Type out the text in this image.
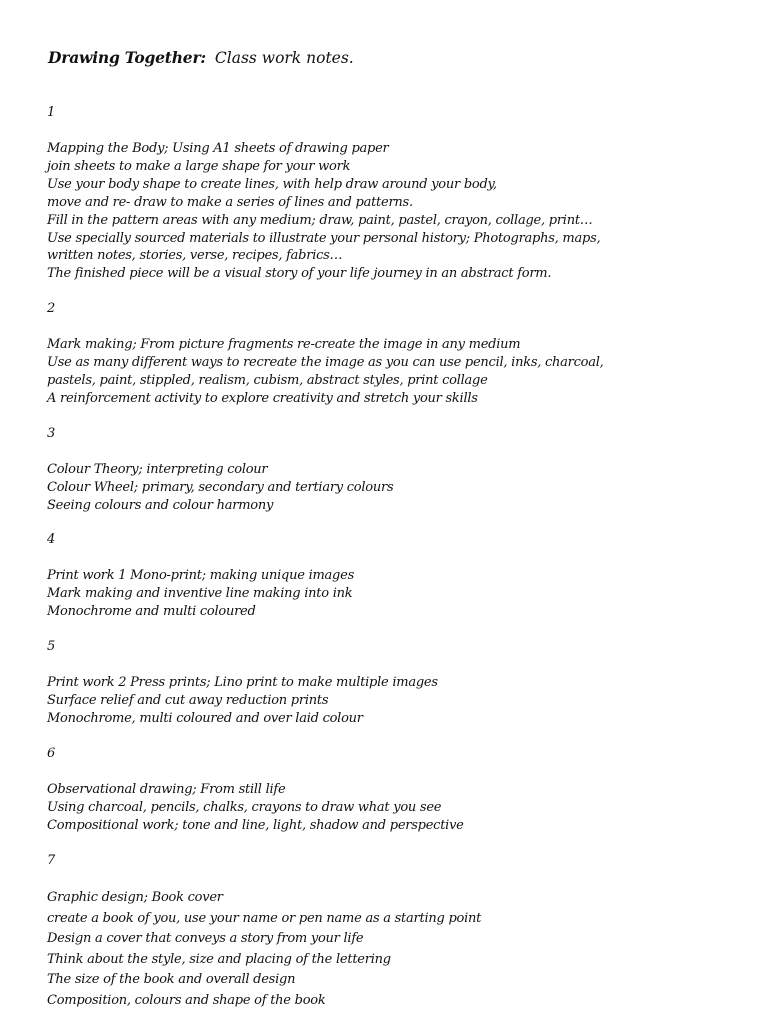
Drawing Together: Class work notes.
1
Mapping the Body; Using A1 sheets of drawing paper
join sheets to make a large shape for your work
Use your body shape to create lines, with help draw around your body,
move and re- draw to make a series of lines and patterns.
Fill in the pattern areas with any medium; draw, paint, pastel, crayon, collage, print…
Use specially sourced materials to illustrate your personal history; Photographs, maps,
written notes, stories, verse, recipes, fabrics…
The finished piece will be a visual story of your life journey in an abstract form.
2
Mark making; From picture fragments re-create the image in any medium
Use as many different ways to recreate the image as you can use pencil, inks, charcoal,
pastels, paint, stippled, realism, cubism, abstract styles, print collage
A reinforcement activity to explore creativity and stretch your skills
3
Colour Theory; interpreting colour
Colour Wheel; primary, secondary and tertiary colours
Seeing colours and colour harmony
4
Print work 1 Mono-print; making unique images
Mark making and inventive line making into ink
Monochrome and multi coloured
5
Print work 2 Press prints; Lino print to make multiple images
Surface relief and cut away reduction prints
Monochrome, multi coloured and over laid colour
6
Observational drawing; From still life
Using charcoal, pencils, chalks, crayons to draw what you see
Compositional work; tone and line, light, shadow and perspective
7
Graphic design; Book cover
create a book of you, use your name or pen name as a starting point
Design a cover that conveys a story from your life
Think about the style, size and placing of the lettering
The size of the book and overall design
Composition, colours and shape of the book
